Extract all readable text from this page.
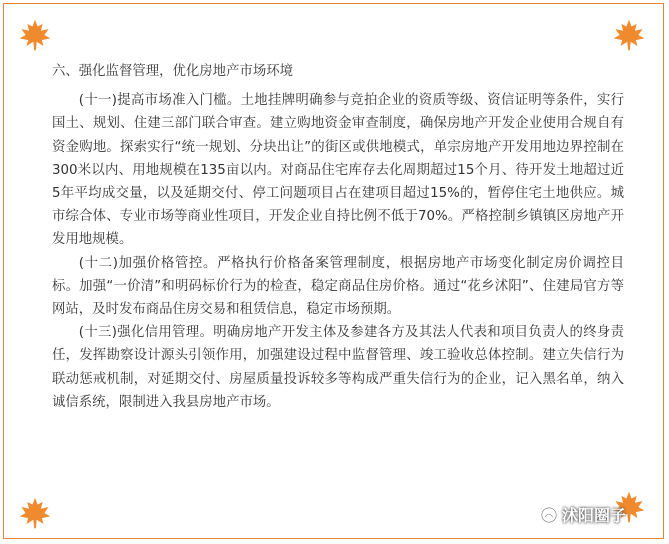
六、强化监督管理，优化房地产市场环境

(十一)提高市场准入门槛。土地挂牌明确参与竞拍企业的资质等级、资信证明等条件，实行国土、规划、住建三部门联合审查。建立购地资金审查制度，确保房地产开发企业使用合规自有资金购地。探索实行“统一规划、分块出让”的街区或供地模式，单宗房地产开发用地边界控制在300米以内、用地规模在135亩以内。对商品住宅库存去化周期超过15个月、待开发土地超过近5年平均成交量，以及延期交付、停工问题项目占在建项目超过15%的，暂停住宅土地供应。城市综合体、专业市场等商业性项目，开发企业自持比例不低于70%。严格控制乡镇镇区房地产开发用地规模。

(十二)加强价格管控。严格执行价格备案管理制度，根据房地产市场变化制定房价调控目标。加强“一价清”和明码标价行为的检查，稳定商品住房价格。通过“花乡沭阳”、住建局官方等网站，及时发布商品住房交易和租赁信息，稳定市场预期。

(十三)强化信用管理。明确房地产开发主体及参建各方及其法人代表和项目负责人的终身责任，发挥勘察设计源头引领作用，加强建设过程中监督管理、竣工验收总体控制。建立失信行为联动惩戒机制，对延期交付、房屋质量投诉较多等构成严重失信行为的企业，记入黑名单，纳入诚信系统，限制进入我县房地产市场。

沭阳圈子
